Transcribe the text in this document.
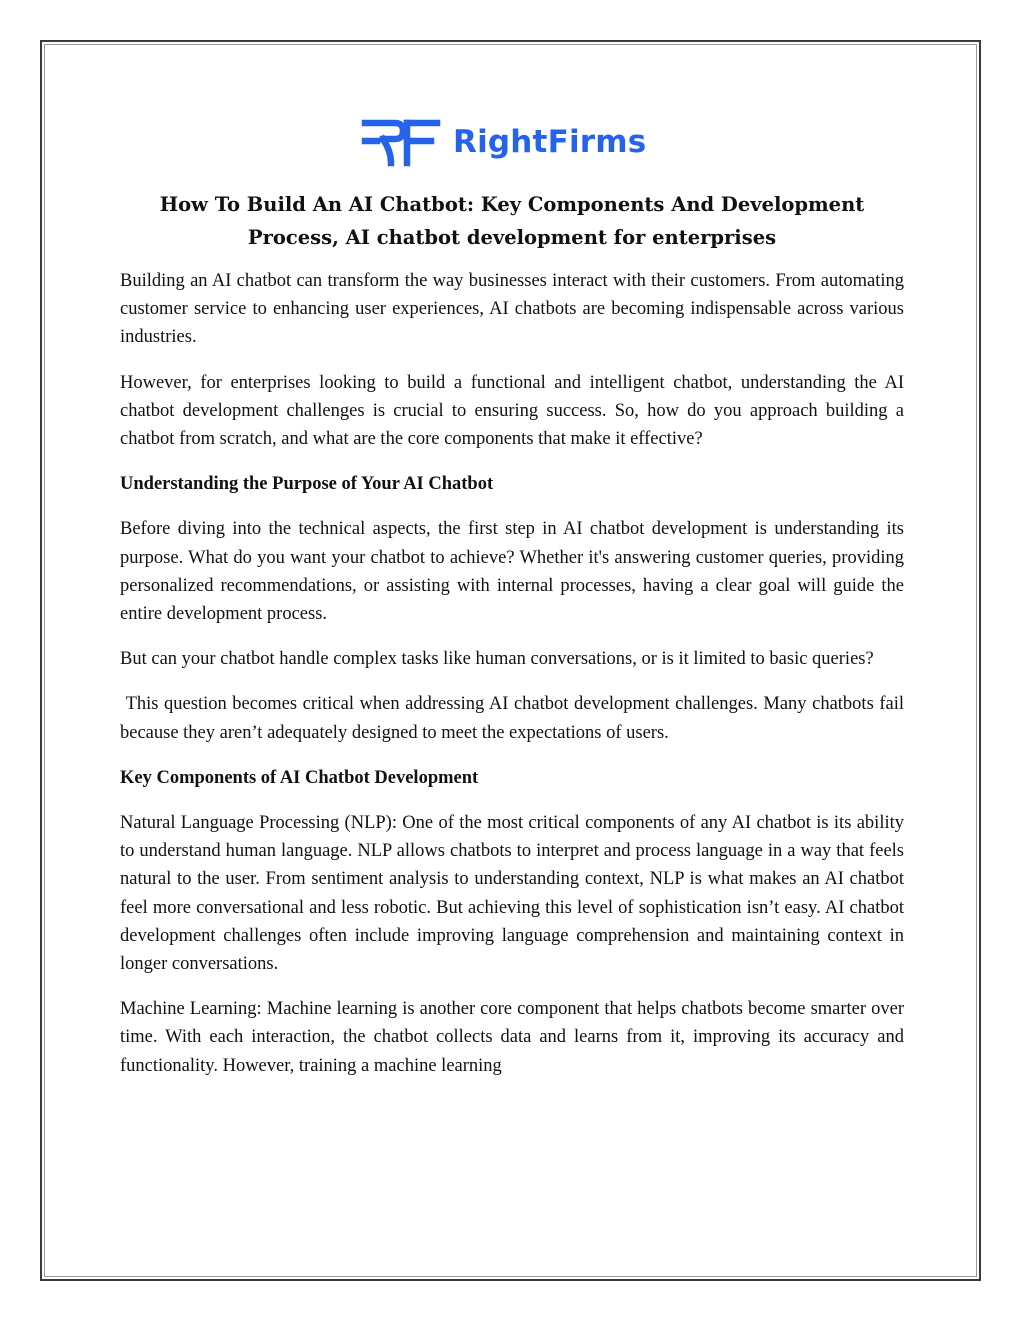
RightFirms
How To Build An AI Chatbot: Key Components And Development Process, AI chatbot development for enterprises

Building an AI chatbot can transform the way businesses interact with their customers. From automating customer service to enhancing user experiences, AI chatbots are becoming indispensable across various industries.

However, for enterprises looking to build a functional and intelligent chatbot, understanding the AI chatbot development challenges is crucial to ensuring success. So, how do you approach building a chatbot from scratch, and what are the core components that make it effective?

Understanding the Purpose of Your AI Chatbot

Before diving into the technical aspects, the first step in AI chatbot development is understanding its purpose. What do you want your chatbot to achieve? Whether it's answering customer queries, providing personalized recommendations, or assisting with internal processes, having a clear goal will guide the entire development process.

But can your chatbot handle complex tasks like human conversations, or is it limited to basic queries?

This question becomes critical when addressing AI chatbot development challenges. Many chatbots fail because they aren’t adequately designed to meet the expectations of users.

Key Components of AI Chatbot Development

Natural Language Processing (NLP): One of the most critical components of any AI chatbot is its ability to understand human language. NLP allows chatbots to interpret and process language in a way that feels natural to the user. From sentiment analysis to understanding context, NLP is what makes an AI chatbot feel more conversational and less robotic. But achieving this level of sophistication isn’t easy. AI chatbot development challenges often include improving language comprehension and maintaining context in longer conversations.

Machine Learning: Machine learning is another core component that helps chatbots become smarter over time. With each interaction, the chatbot collects data and learns from it, improving its accuracy and functionality. However, training a machine learning
